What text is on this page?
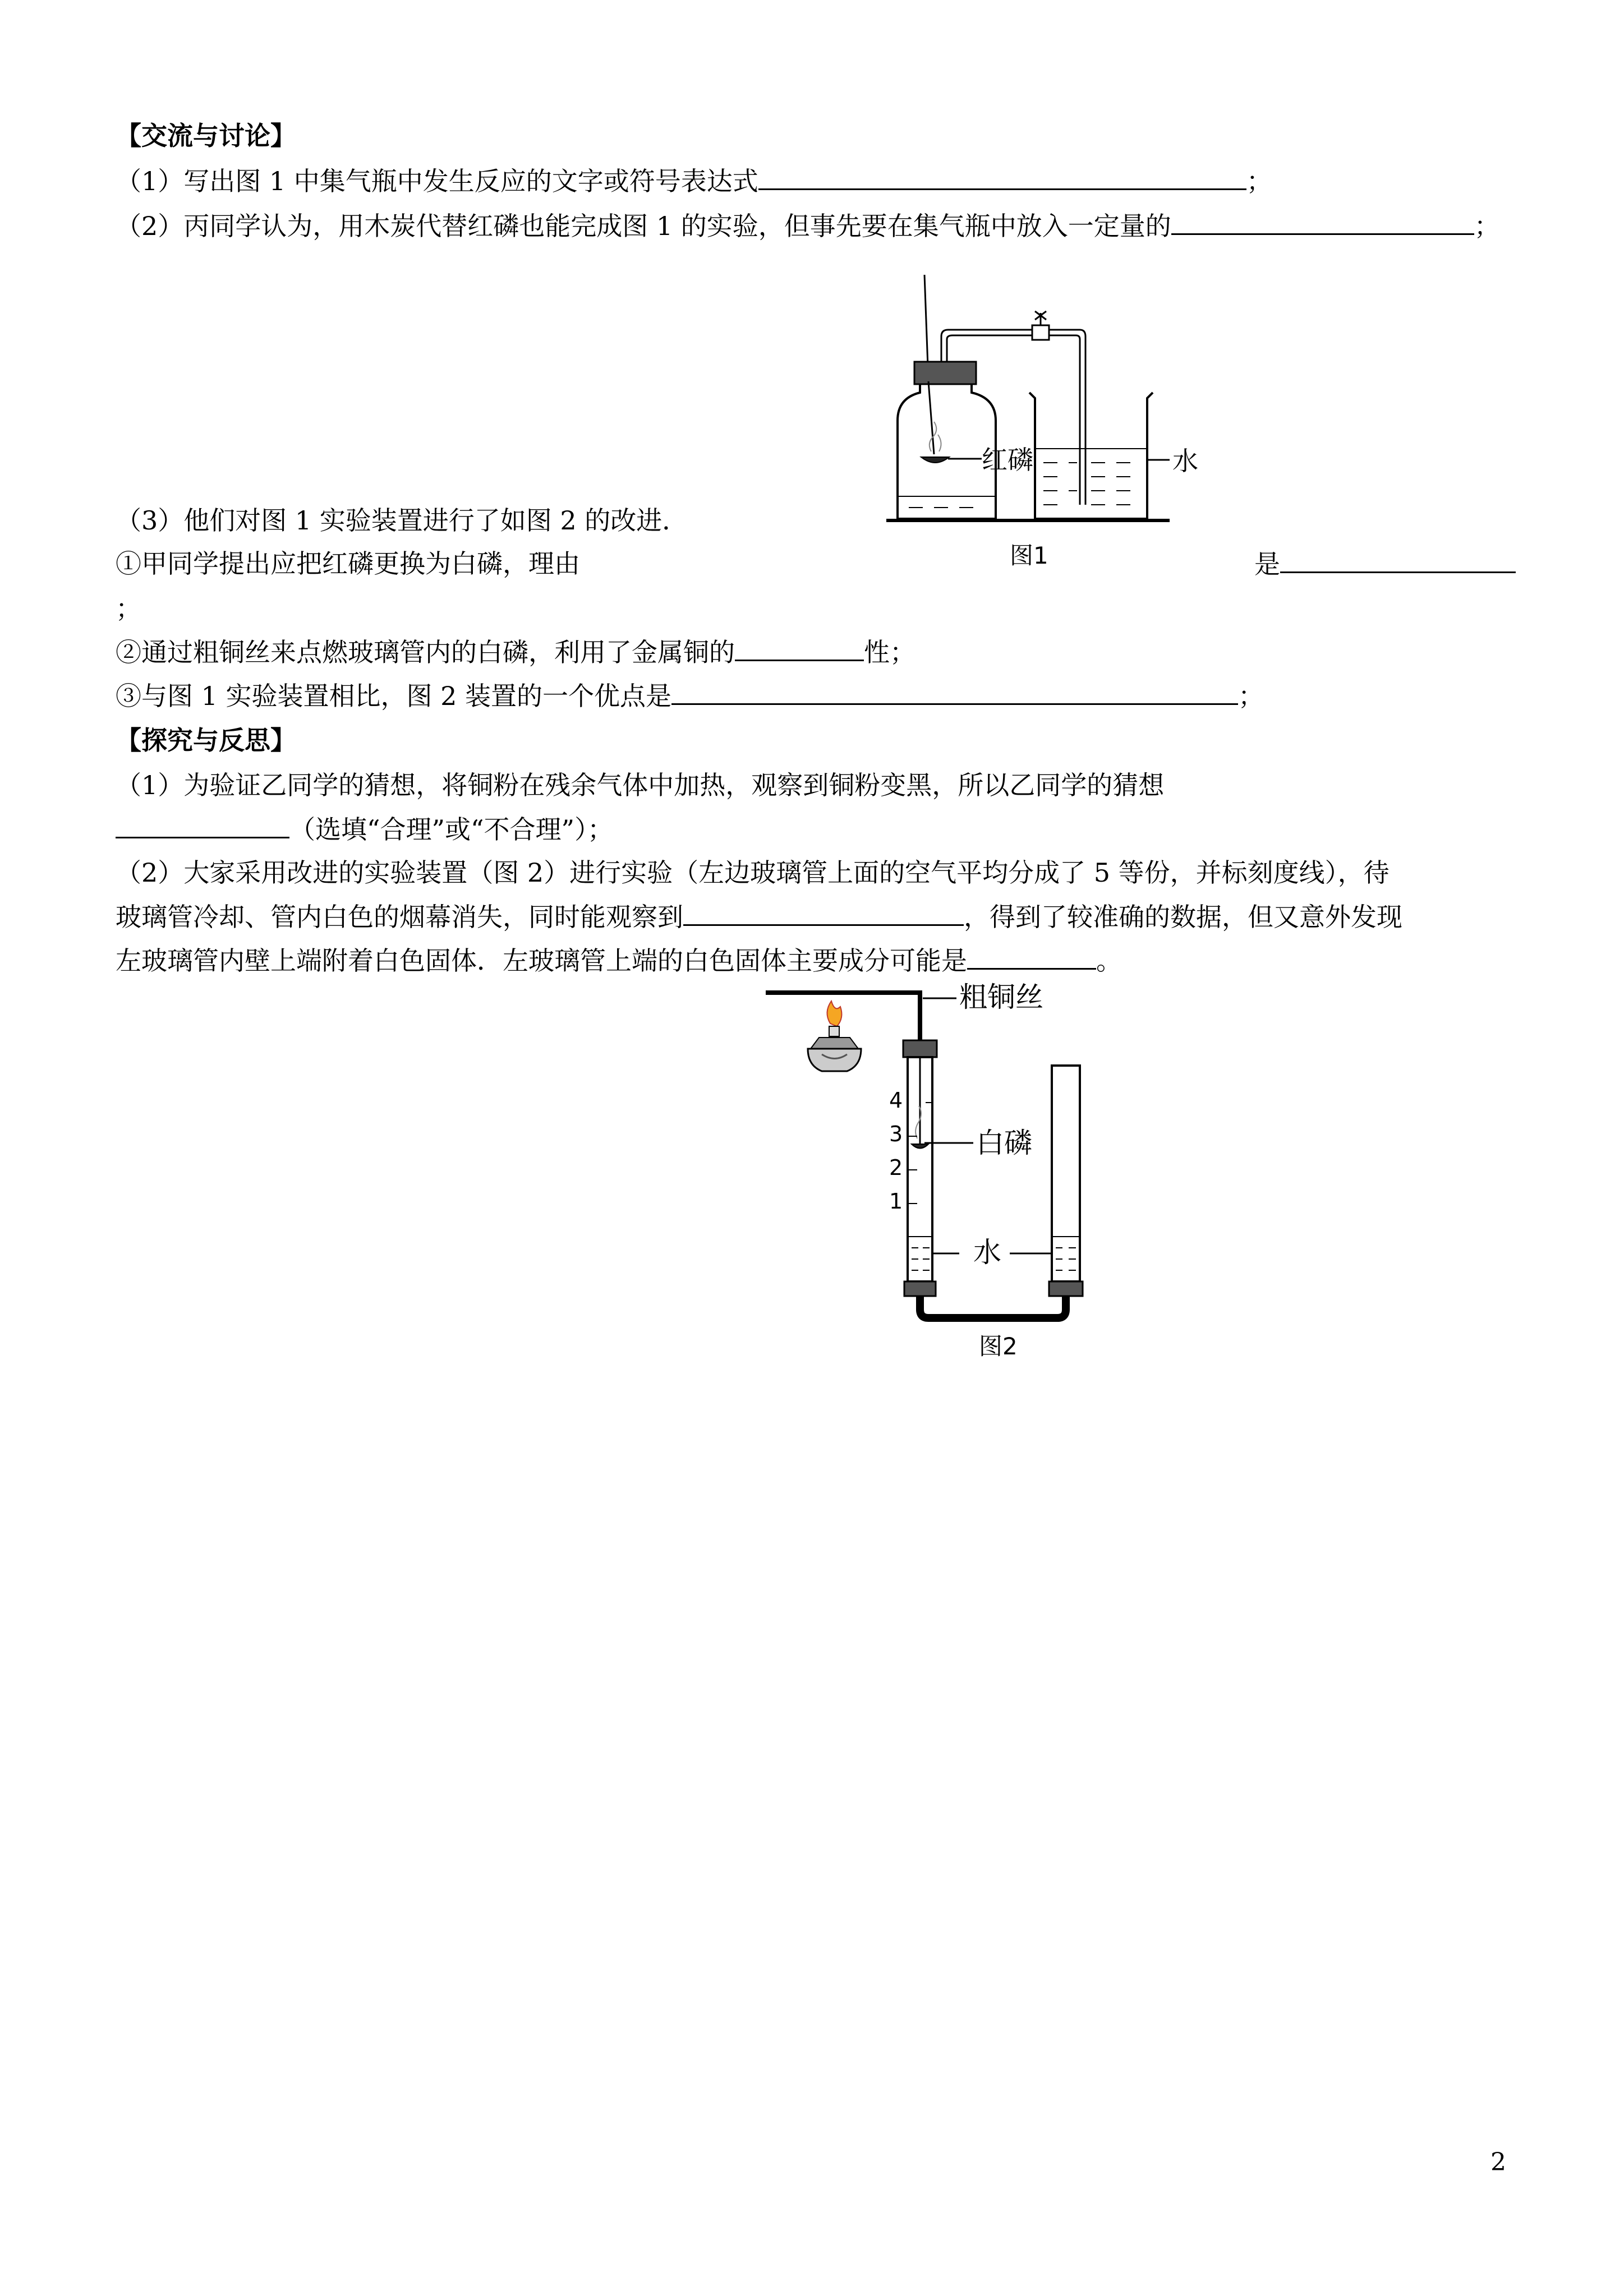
【交流与讨论】
（1）写出图 1 中集气瓶中发生反应的文字或符号表达式	；
（2）丙同学认为，用木炭代替红磷也能完成图 1 的实验，但事先要在集气瓶中放入一定量的	；
（3）他们对图 1 实验装置进行了如图 2 的改进．
①甲同学提出应把红磷更换为白磷，理由	是
；
②通过粗铜丝来点燃玻璃管内的白磷，利用了金属铜的	性；
③与图 1 实验装置相比，图 2 装置的一个优点是	；
【探究与反思】
（1）为验证乙同学的猜想，将铜粉在残余气体中加热，观察到铜粉变黑，所以乙同学的猜想
（选填“合理”或“不合理”）；
（2）大家采用改进的实验装置（图 2）进行实验（左边玻璃管上面的空气平均分成了 5 等份，并标刻度线），待
玻璃管冷却、管内白色的烟幕消失，同时能观察到	，得到了较准确的数据，但又意外发现
左玻璃管内壁上端附着白色固体．左玻璃管上端的白色固体主要成分可能是	。
红磷	水
图1
粗铜丝
4
3
2
1
白磷
水
图2
2
